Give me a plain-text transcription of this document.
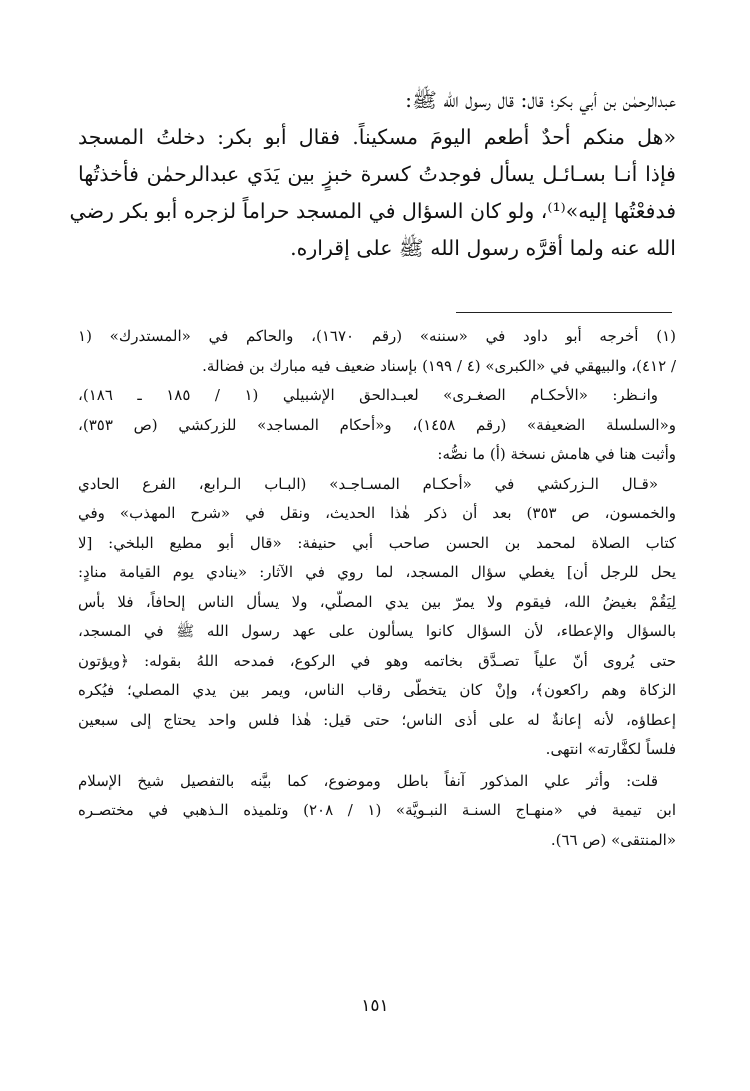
عبدالرحمٰن بن أبي بكر؛ قال: قال رسول الله ﷺ:

«هل منكم أحدٌ أطعم اليومَ مسكيناً. فقال أبو بكر: دخلتُ المسجد

فإذا أنـا بسـائـل يسأل فوجدتُ كسرة خبزٍ بين يَدَي عبدالرحمٰن فأخذتُها

فدفعْتُها إليه»⁽¹⁾، ولو كان السؤال في المسجد حراماً لزجره أبو بكر رضي

الله عنه ولما أقرَّه رسول الله ﷺ على إقراره.

(١) أخرجه أبو داود في «سننه» (رقم ١٦٧٠)، والحاكم في «المستدرك» (١

/ ٤١٢)، والبيهقي في «الكبرى» (٤ / ١٩٩) بإسناد ضعيف فيه مبارك بن فضالة.

وانـظر: «الأحكـام الصغـرى» لعبـدالحق الإشبيلي (١ / ١٨٥ ـ ١٨٦)،

و«السلسلة الضعيفة» (رقم ١٤٥٨)، و«أحكام المساجد» للزركشي (ص ٣٥٣)،

وأثبت هنا في هامش نسخة (أ) ما نصُّه:

«قـال الـزركشي في «أحكـام المسـاجـد» (البـاب الـرابع، الفرع الحادي

والخمسون، ص ٣٥٣) بعد أن ذكر هٰذا الحديث، ونقل في «شرح المهذب» وفي

كتاب الصلاة لمحمد بن الحسن صاحب أبي حنيفة: «قال أبو مطيع البلخي: [لا

يحل للرجل أن] يغطي سؤال المسجد، لما روي في الآثار: «ينادي يوم القيامة منادٍ:

لِيَقُمْ بغيضُ الله، فيقوم ولا يمرّ بين يدي المصلّي، ولا يسأل الناس إلحافاً، فلا بأس

بالسؤال والإعطاء، لأن السؤال كانوا يسألون على عهد رسول الله ﷺ في المسجد،

حتى يُروى أنّ علياً تصـدَّق بخاتمه وهو في الركوع، فمدحه اللهُ بقوله: ﴿ويؤتون

الزكاة وهم راكعون﴾، وإنْ كان يتخطّى رقاب الناس، ويمر بين يدي المصلي؛ فيُكره

إعطاؤه، لأنه إعانةٌ له على أذى الناس؛ حتى قيل: هٰذا فلس واحد يحتاج إلى سبعين

فلساً لكفَّارته» انتهى.

قلت: وأثر علي المذكور آنفاً باطل وموضوع، كما بيَّنه بالتفصيل شيخ الإسلام

ابن تيمية في «منهـاج السنـة النبـويَّة» (١ / ٢٠٨) وتلميذه الـذهبي في مختصـره

«المنتقى» (ص ٦٦).

١٥١
